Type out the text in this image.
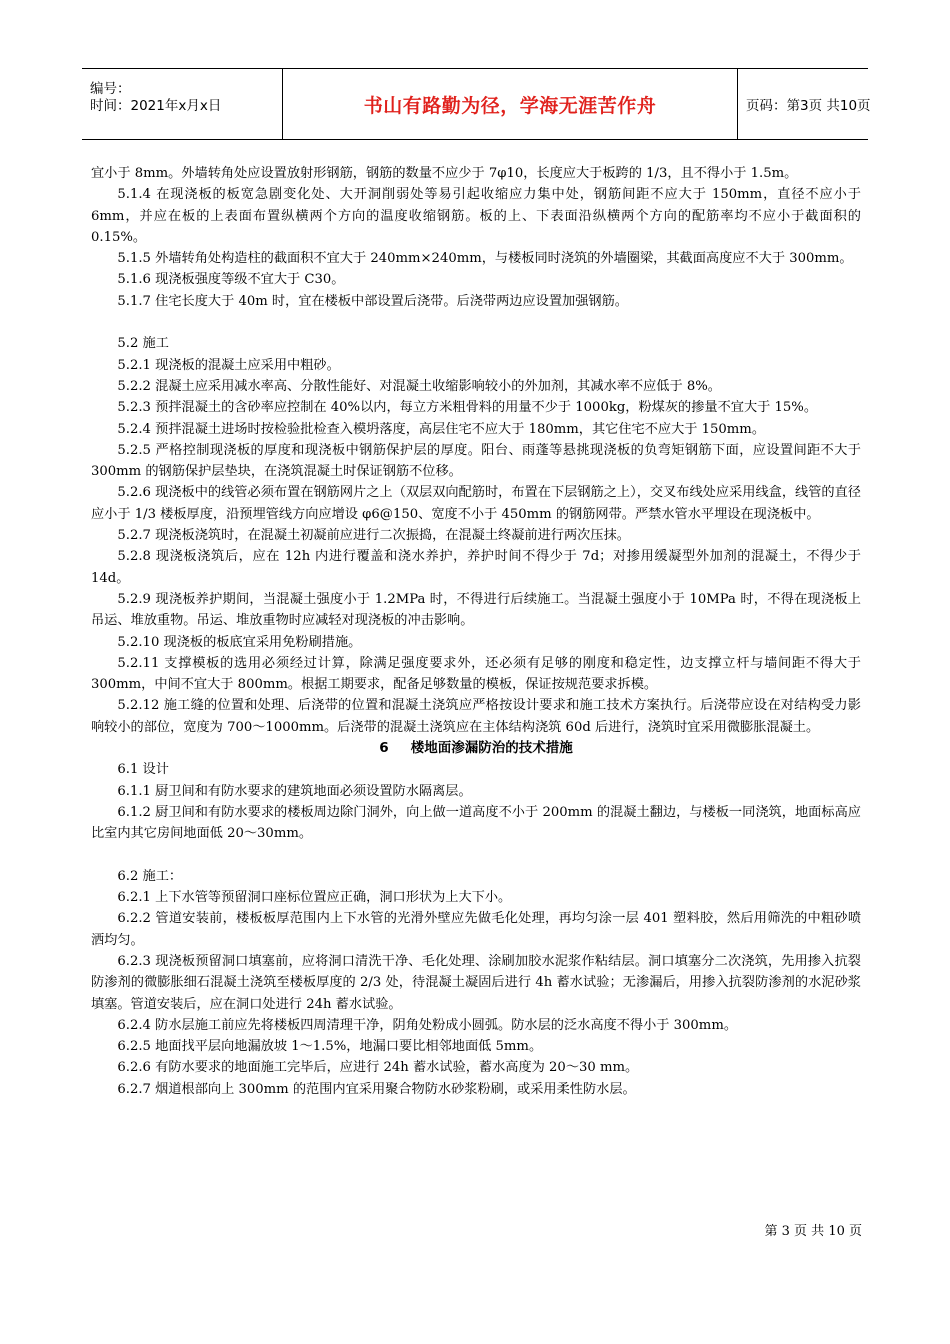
编号：
时间：2021年x月x日	书山有路勤为径，学海无涯苦作舟	页码：第3页 共10页

宜小于 8mm。外墙转角处应设置放射形钢筋，钢筋的数量不应少于 7φ10，长度应大于板跨的 1/3，且不得小于 1.5m。

5.1.4 在现浇板的板宽急剧变化处、大开洞削弱处等易引起收缩应力集中处，钢筋间距不应大于 150mm，直径不应小于 6mm，并应在板的上表面布置纵横两个方向的温度收缩钢筋。板的上、下表面沿纵横两个方向的配筋率均不应小于截面积的 0.15%。

5.1.5 外墙转角处构造柱的截面积不宜大于 240mm×240mm，与楼板同时浇筑的外墙圈梁，其截面高度应不大于 300mm。

5.1.6 现浇板强度等级不宜大于 C30。

5.1.7 住宅长度大于 40m 时，宜在楼板中部设置后浇带。后浇带两边应设置加强钢筋。

5.2 施工

5.2.1 现浇板的混凝土应采用中粗砂。

5.2.2 混凝土应采用减水率高、分散性能好、对混凝土收缩影响较小的外加剂，其减水率不应低于 8%。

5.2.3 预拌混凝土的含砂率应控制在 40%以内，每立方米粗骨料的用量不少于 1000kg，粉煤灰的掺量不宜大于 15%。

5.2.4 预拌混凝土进场时按检验批检查入模坍落度，高层住宅不应大于 180mm，其它住宅不应大于 150mm。

5.2.5 严格控制现浇板的厚度和现浇板中钢筋保护层的厚度。阳台、雨蓬等悬挑现浇板的负弯矩钢筋下面，应设置间距不大于 300mm 的钢筋保护层垫块，在浇筑混凝土时保证钢筋不位移。

5.2.6 现浇板中的线管必须布置在钢筋网片之上（双层双向配筋时，布置在下层钢筋之上），交叉布线处应采用线盒，线管的直径应小于 1/3 楼板厚度，沿预埋管线方向应增设 φ6@150、宽度不小于 450mm 的钢筋网带。严禁水管水平埋设在现浇板中。

5.2.7 现浇板浇筑时，在混凝土初凝前应进行二次振捣，在混凝土终凝前进行两次压抹。

5.2.8 现浇板浇筑后，应在 12h 内进行覆盖和浇水养护，养护时间不得少于 7d；对掺用缓凝型外加剂的混凝土，不得少于 14d。

5.2.9 现浇板养护期间，当混凝土强度小于 1.2MPa 时，不得进行后续施工。当混凝土强度小于 10MPa 时，不得在现浇板上吊运、堆放重物。吊运、堆放重物时应减轻对现浇板的冲击影响。

5.2.10 现浇板的板底宜采用免粉刷措施。

5.2.11 支撑模板的选用必须经过计算，除满足强度要求外，还必须有足够的刚度和稳定性，边支撑立杆与墙间距不得大于 300mm，中间不宜大于 800mm。根据工期要求，配备足够数量的模板，保证按规范要求拆模。

5.2.12 施工缝的位置和处理、后浇带的位置和混凝土浇筑应严格按设计要求和施工技术方案执行。后浇带应设在对结构受力影响较小的部位，宽度为 700～1000mm。后浇带的混凝土浇筑应在主体结构浇筑 60d 后进行，浇筑时宜采用微膨胀混凝土。

6 楼地面渗漏防治的技术措施

6.1 设计

6.1.1 厨卫间和有防水要求的建筑地面必须设置防水隔离层。

6.1.2 厨卫间和有防水要求的楼板周边除门洞外，向上做一道高度不小于 200mm 的混凝土翻边，与楼板一同浇筑，地面标高应比室内其它房间地面低 20～30mm。

6.2 施工：

6.2.1 上下水管等预留洞口座标位置应正确，洞口形状为上大下小。

6.2.2 管道安装前，楼板板厚范围内上下水管的光滑外壁应先做毛化处理，再均匀涂一层 401 塑料胶，然后用筛洗的中粗砂喷洒均匀。

6.2.3 现浇板预留洞口填塞前，应将洞口清洗干净、毛化处理、涂刷加胶水泥浆作粘结层。洞口填塞分二次浇筑，先用掺入抗裂防渗剂的微膨胀细石混凝土浇筑至楼板厚度的 2/3 处，待混凝土凝固后进行 4h 蓄水试验；无渗漏后，用掺入抗裂防渗剂的水泥砂浆填塞。管道安装后，应在洞口处进行 24h 蓄水试验。

6.2.4 防水层施工前应先将楼板四周清理干净，阴角处粉成小圆弧。防水层的泛水高度不得小于 300mm。

6.2.5 地面找平层向地漏放坡 1～1.5%，地漏口要比相邻地面低 5mm。

6.2.6 有防水要求的地面施工完毕后，应进行 24h 蓄水试验，蓄水高度为 20～30 mm。

6.2.7 烟道根部向上 300mm 的范围内宜采用聚合物防水砂浆粉刷，或采用柔性防水层。

第 3 页 共 10 页
